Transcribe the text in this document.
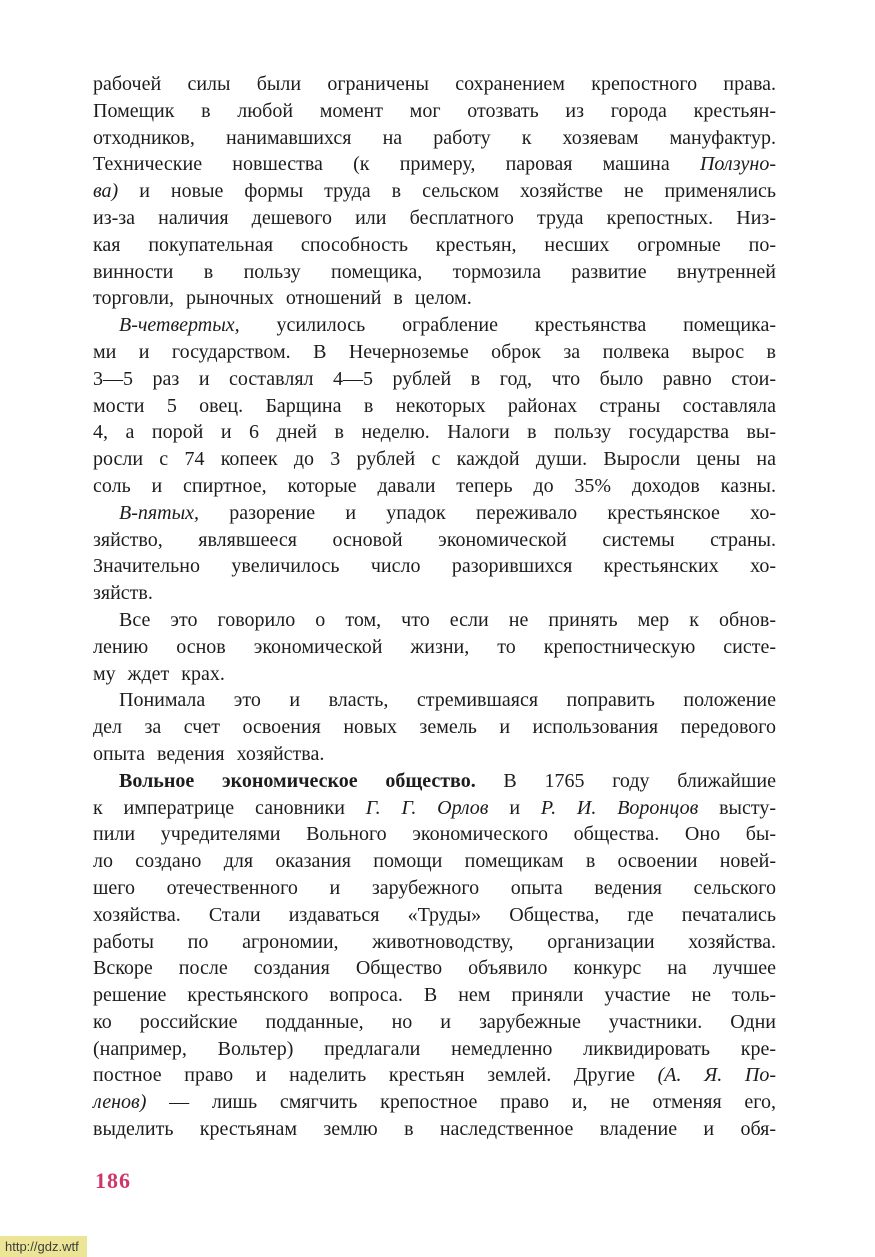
рабочей силы были ограничены сохранением крепостного права.
Помещик в любой момент мог отозвать из города крестьян-
отходников, нанимавшихся на работу к хозяевам мануфактур.
Технические новшества (к примеру, паровая машина Ползуно-
ва) и новые формы труда в сельском хозяйстве не применялись
из-за наличия дешевого или бесплатного труда крепостных. Низ-
кая покупательная способность крестьян, несших огромные по-
винности в пользу помещика, тормозила развитие внутренней
торговли, рыночных отношений в целом.
В-четвертых, усилилось ограбление крестьянства помещика-
ми и государством. В Нечерноземье оброк за полвека вырос в
3—5 раз и составлял 4—5 рублей в год, что было равно стои-
мости 5 овец. Барщина в некоторых районах страны составляла
4, а порой и 6 дней в неделю. Налоги в пользу государства вы-
росли с 74 копеек до 3 рублей с каждой души. Выросли цены на
соль и спиртное, которые давали теперь до 35% доходов казны.
В-пятых, разорение и упадок переживало крестьянское хо-
зяйство, являвшееся основой экономической системы страны.
Значительно увеличилось число разорившихся крестьянских хо-
зяйств.
Все это говорило о том, что если не принять мер к обнов-
лению основ экономической жизни, то крепостническую систе-
му ждет крах.
Понимала это и власть, стремившаяся поправить положение
дел за счет освоения новых земель и использования передового
опыта ведения хозяйства.
Вольное экономическое общество. В 1765 году ближайшие
к императрице сановники Г. Г. Орлов и Р. И. Воронцов высту-
пили учредителями Вольного экономического общества. Оно бы-
ло создано для оказания помощи помещикам в освоении новей-
шего отечественного и зарубежного опыта ведения сельского
хозяйства. Стали издаваться «Труды» Общества, где печатались
работы по агрономии, животноводству, организации хозяйства.
Вскоре после создания Общество объявило конкурс на лучшее
решение крестьянского вопроса. В нем приняли участие не толь-
ко российские подданные, но и зарубежные участники. Одни
(например, Вольтер) предлагали немедленно ликвидировать кре-
постное право и наделить крестьян землей. Другие (А. Я. По-
ленов) — лишь смягчить крепостное право и, не отменяя его,
выделить крестьянам землю в наследственное владение и обя-
186
http://gdz.wtf
